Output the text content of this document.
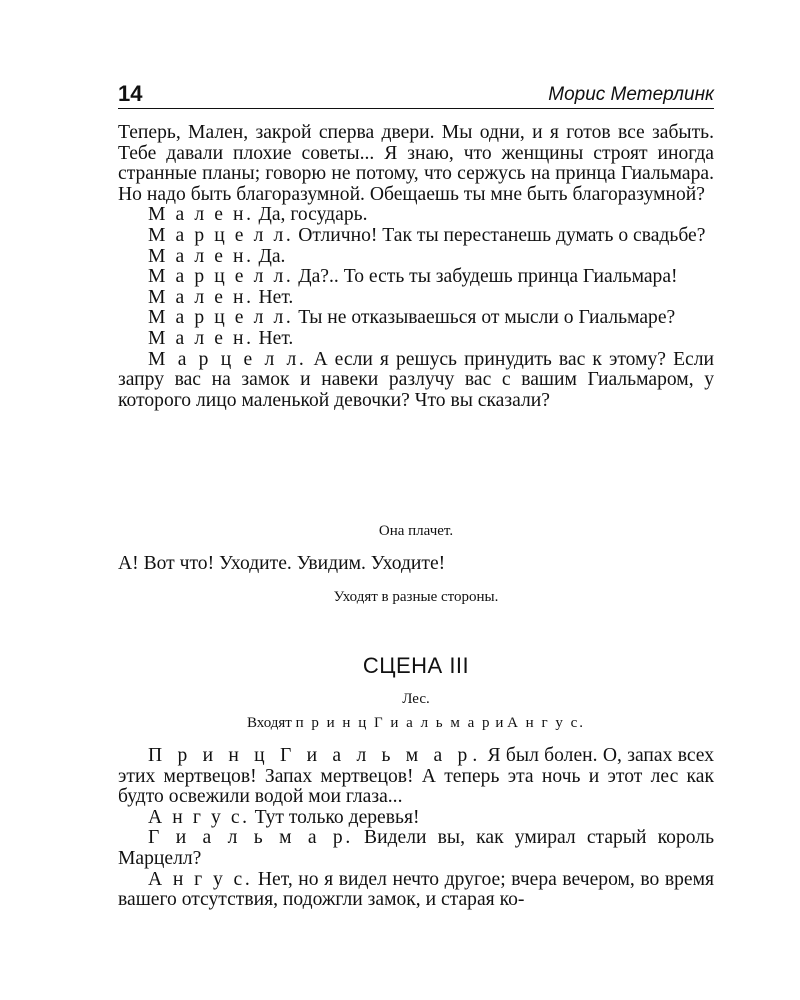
14	Морис Метерлинк

Теперь, Мален, закрой сперва двери. Мы одни, и я готов все забыть. Тебе давали плохие советы... Я знаю, что женщины строят иногда странные планы; говорю не потому, что сержусь на принца Гиальмара. Но надо быть благоразумной. Обещаешь ты мне быть благоразумной?

М а л е н. Да, государь.

М а р ц е л л. Отлично! Так ты перестанешь думать о свадьбе?

М а л е н. Да.

М а р ц е л л. Да?.. То есть ты забудешь принца Гиальмара!

М а л е н. Нет.

М а р ц е л л. Ты не отказываешься от мысли о Гиальмаре?

М а л е н. Нет.

М а р ц е л л. А если я решусь принудить вас к этому? Если запру вас на замок и навеки разлучу вас с вашим Гиальмаром, у которого лицо маленькой девочки? Что вы сказали?

Она плачет.
А! Вот что! Уходите. Увидим. Уходите!
Уходят в разные стороны.
СЦЕНА III
Лес.
Входят п р и н ц Г и а л ь м а р и А н г у с.

П р и н ц Г и а л ь м а р. Я был болен. О, запах всех этих мертвецов! Запах мертвецов! А теперь эта ночь и этот лес как будто освежили водой мои глаза...

А н г у с. Тут только деревья!

Г и а л ь м а р. Видели вы, как умирал старый король Марцелл?

А н г у с. Нет, но я видел нечто другое; вчера вечером, во время вашего отсутствия, подожгли замок, и старая ко-
